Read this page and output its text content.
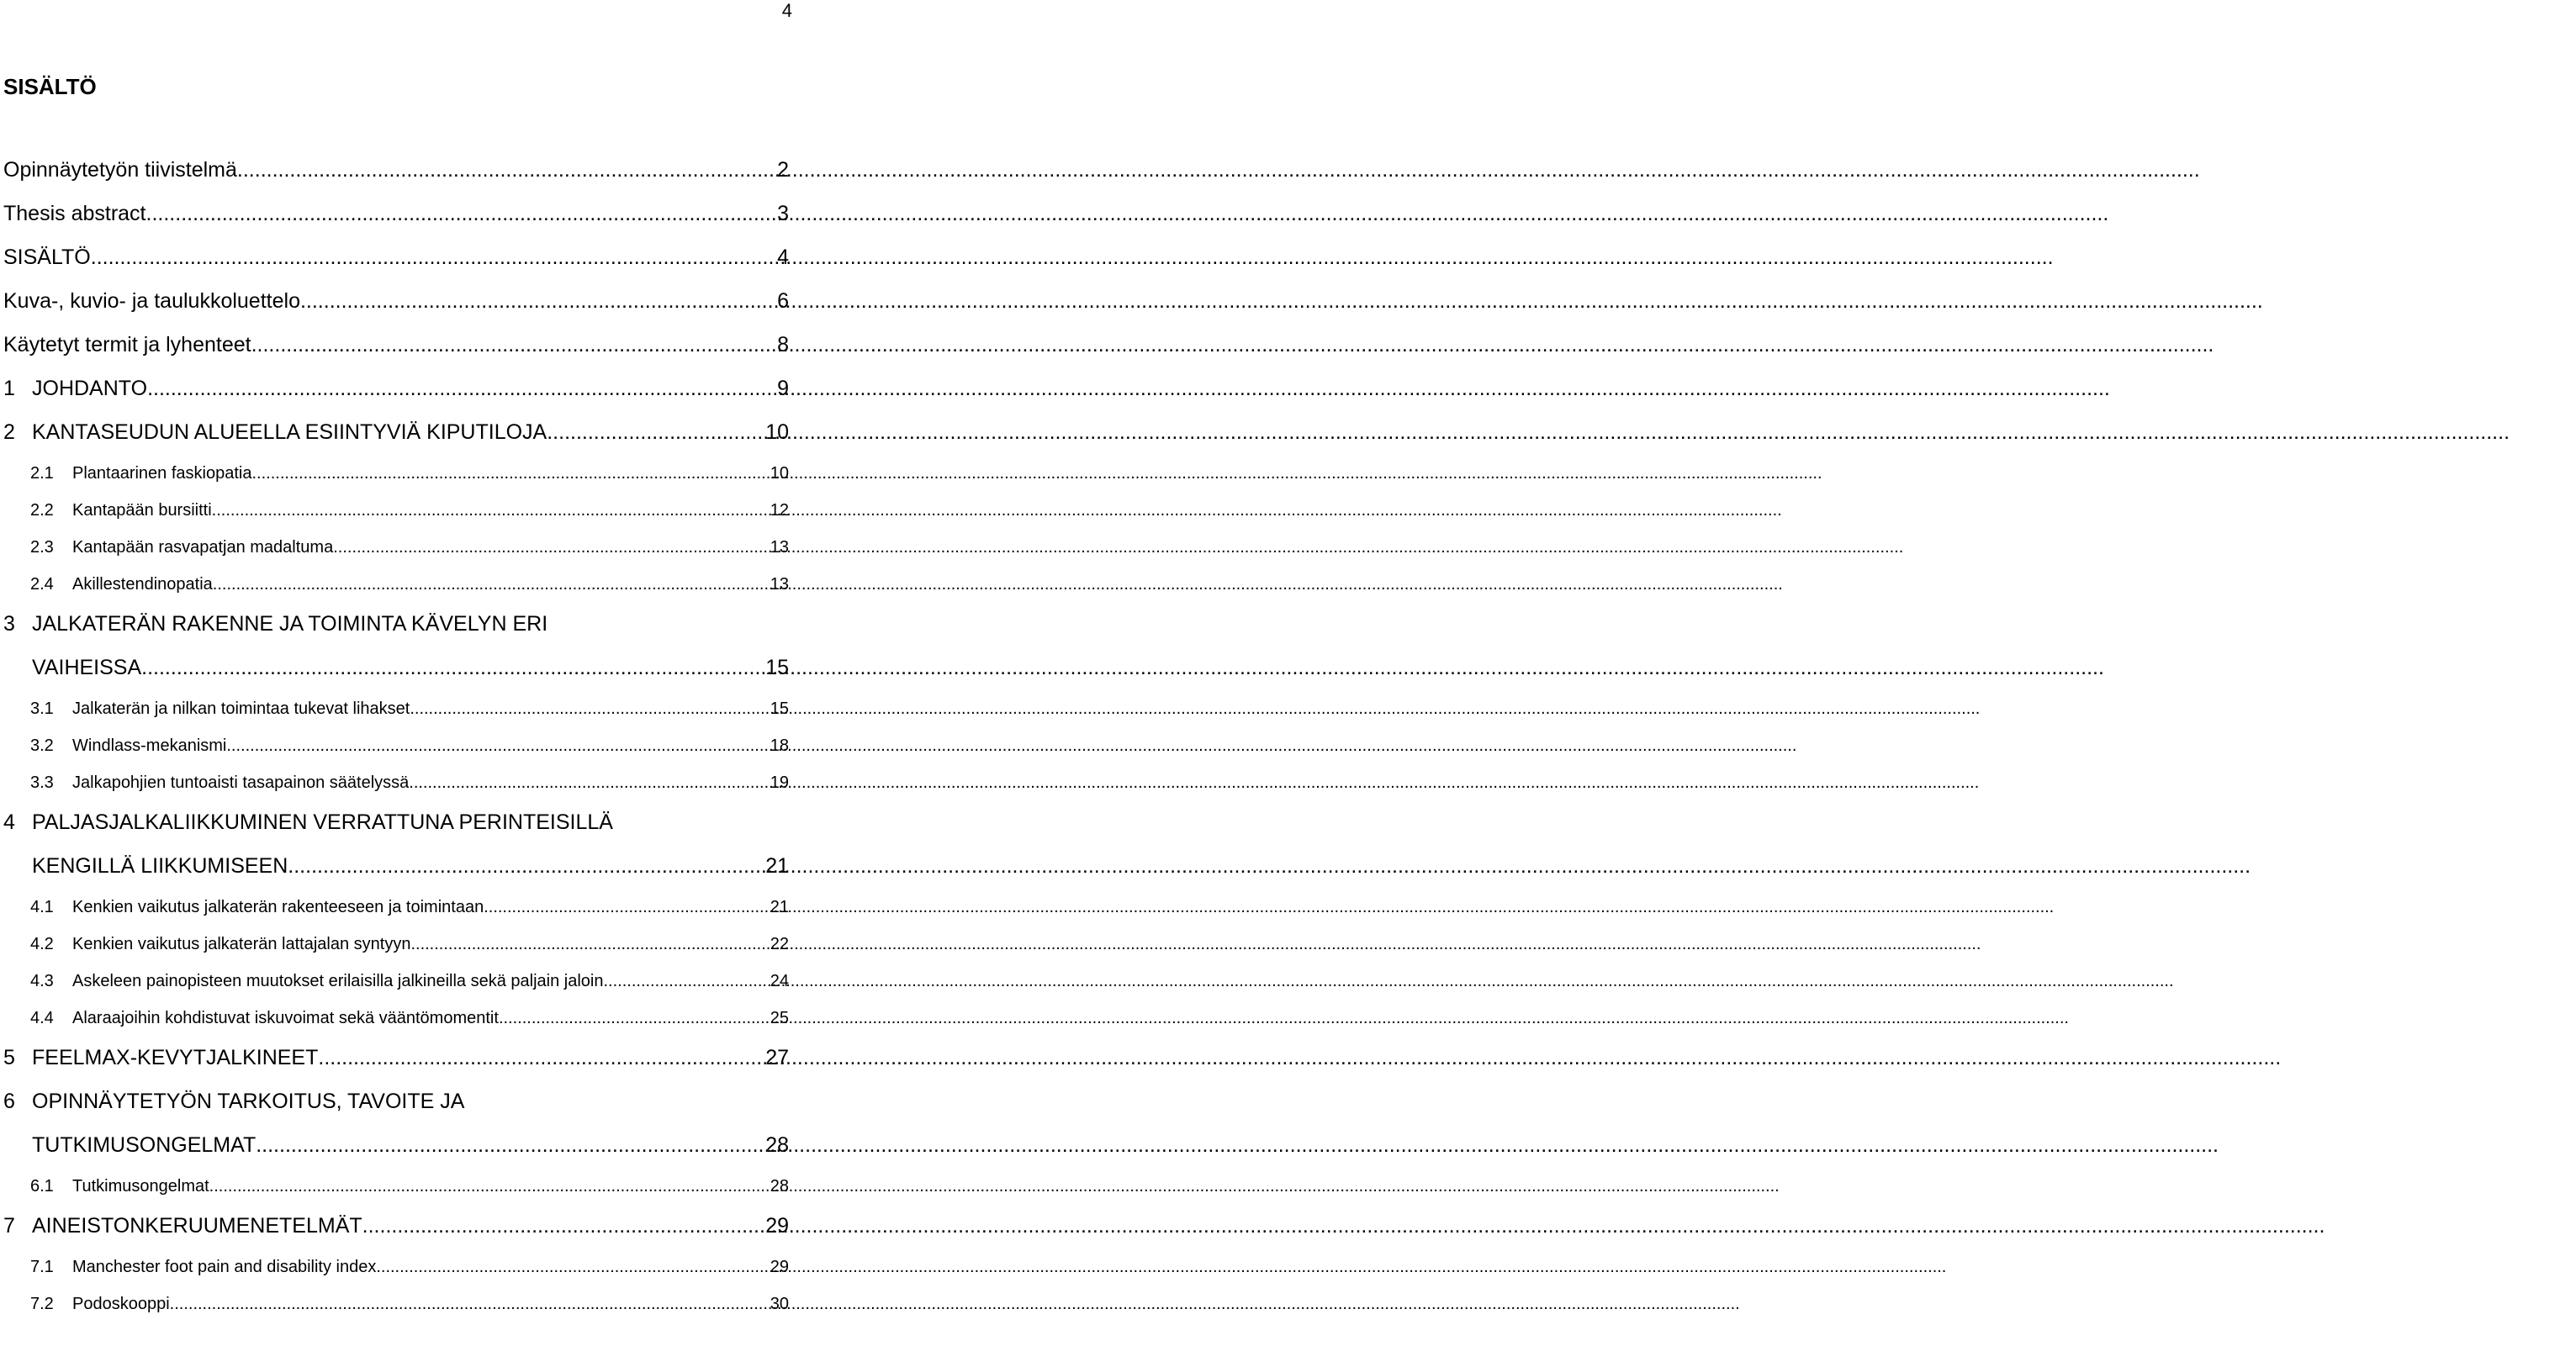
4
SISÄLTÖ
Opinnäytetyön tiivistelmä .....	2
Thesis abstract .....	3
SISÄLTÖ .....	4
Kuva-, kuvio- ja taulukkoluettelo .....	6
Käytetyt termit ja lyhenteet .....	8
1 JOHDANTO .....	9
2 KANTASEUDUN ALUEELLA ESIINTYVIÄ KIPUTILOJA .....	10
2.1	Plantaarinen faskiopatia .....	10
2.2	Kantapään bursiitti .....	12
2.3	Kantapään rasvapatjan madaltuma .....	13
2.4	Akillestendinopatia .....	13
3 JALKATERÄN RAKENNE JA TOIMINTA KÄVELYN ERI
VAIHEISSA .....	15
3.1	Jalkaterän ja nilkan toimintaa tukevat lihakset .....	15
3.2	Windlass-mekanismi .....	18
3.3	Jalkapohjien tuntoaisti tasapainon säätelyssä .....	19
4 PALJASJALKALIIKKUMINEN VERRATTUNA PERINTEISILLÄ
KENGILLÄ LIIKKUMISEEN .....	21
4.1	Kenkien vaikutus jalkaterän rakenteeseen ja toimintaan .....	21
4.2	Kenkien vaikutus jalkaterän lattajalan syntyyn .....	22
4.3	Askeleen painopisteen muutokset erilaisilla jalkineilla sekä paljain jaloin .....	24
4.4	Alaraajoihin kohdistuvat iskuvoimat sekä vääntömomentit .....	25
5 FEELMAX-KEVYTJALKINEET .....	27
6 OPINNÄYTETYÖN TARKOITUS, TAVOITE JA
TUTKIMUSONGELMAT .....	28
6.1	Tutkimusongelmat .....	28
7 AINEISTONKERUUMENETELMÄT .....	29
7.1	Manchester foot pain and disability index .....	29
7.2	Podoskooppi .....	30
